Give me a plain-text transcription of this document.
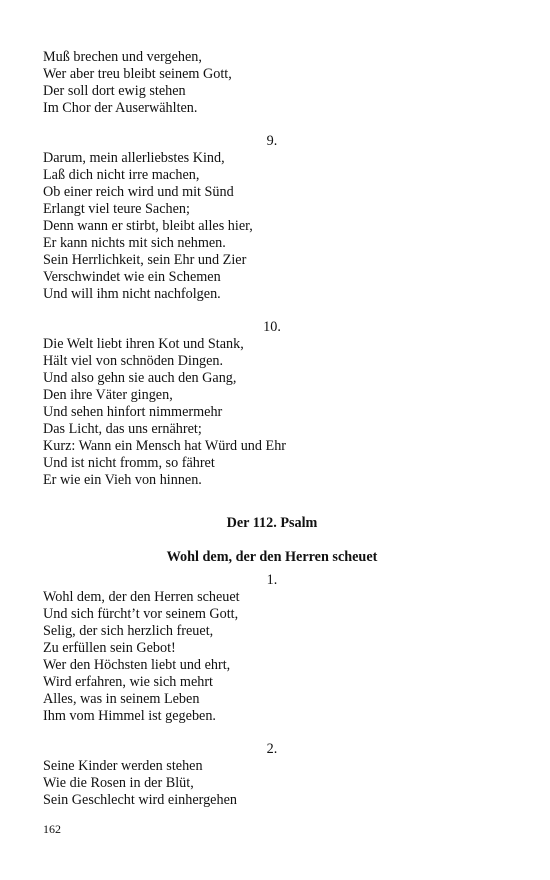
Muß brechen und vergehen,
Wer aber treu bleibt seinem Gott,
Der soll dort ewig stehen
Im Chor der Auserwählten.
9.
Darum, mein allerliebstes Kind,
Laß dich nicht irre machen,
Ob einer reich wird und mit Sünd
Erlangt viel teure Sachen;
Denn wann er stirbt, bleibt alles hier,
Er kann nichts mit sich nehmen.
Sein Herrlichkeit, sein Ehr und Zier
Verschwindet wie ein Schemen
Und will ihm nicht nachfolgen.
10.
Die Welt liebt ihren Kot und Stank,
Hält viel von schnöden Dingen.
Und also gehn sie auch den Gang,
Den ihre Väter gingen,
Und sehen hinfort nimmermehr
Das Licht, das uns ernähret;
Kurz: Wann ein Mensch hat Würd und Ehr
Und ist nicht fromm, so fähret
Er wie ein Vieh von hinnen.
Der 112. Psalm
Wohl dem, der den Herren scheuet
1.
Wohl dem, der den Herren scheuet
Und sich fürcht’t vor seinem Gott,
Selig, der sich herzlich freuet,
Zu erfüllen sein Gebot!
Wer den Höchsten liebt und ehrt,
Wird erfahren, wie sich mehrt
Alles, was in seinem Leben
Ihm vom Himmel ist gegeben.
2.
Seine Kinder werden stehen
Wie die Rosen in der Blüt,
Sein Geschlecht wird einhergehen
162
